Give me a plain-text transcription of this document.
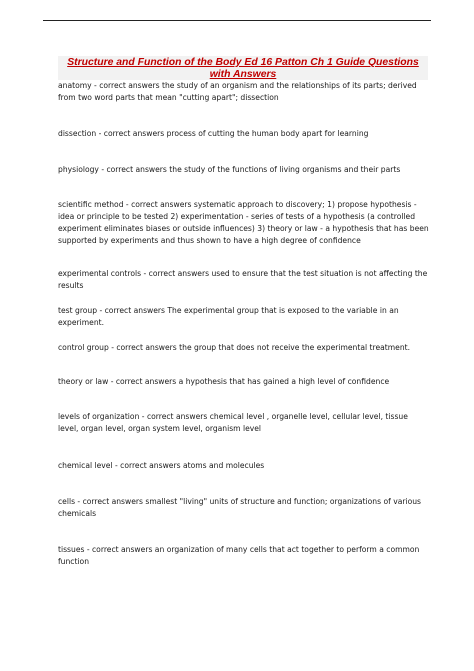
Structure and Function of the Body Ed 16 Patton Ch 1 Guide Questions with Answers

anatomy - correct answers the study of an organism and the relationships of its parts; derived from two word parts that mean "cutting apart"; dissection

dissection - correct answers process of cutting the human body apart for learning

physiology - correct answers the study of the functions of living organisms and their parts

scientific method - correct answers systematic approach to discovery; 1) propose hypothesis - idea or principle to be tested 2) experimentation - series of tests of a hypothesis (a controlled experiment eliminates biases or outside influences) 3) theory or law - a hypothesis that has been supported by experiments and thus shown to have a high degree of confidence

experimental controls - correct answers used to ensure that the test situation is not affecting the results

test group - correct answers The experimental group that is exposed to the variable in an experiment.

control group - correct answers the group that does not receive the experimental treatment.

theory or law - correct answers a hypothesis that has gained a high level of confidence

levels of organization - correct answers chemical level , organelle level, cellular level, tissue level, organ level, organ system level, organism level

chemical level - correct answers atoms and molecules

cells - correct answers smallest "living" units of structure and function; organizations of various chemicals

tissues - correct answers an organization of many cells that act together to perform a common function
